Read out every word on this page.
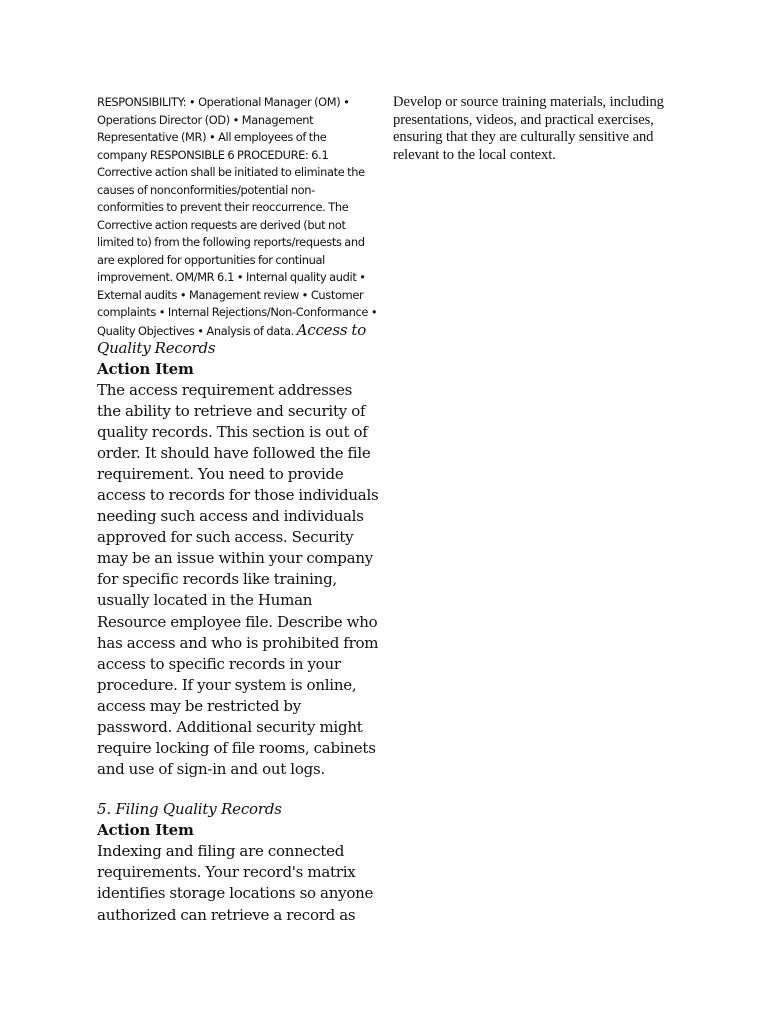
RESPONSIBILITY: • Operational Manager (OM) • Operations Director (OD) • Management Representative (MR) • All employees of the company RESPONSIBLE 6 PROCEDURE: 6.1 Corrective action shall be initiated to eliminate the causes of nonconformities/potential non-conformities to prevent their reoccurrence. The Corrective action requests are derived (but not limited to) from the following reports/requests and are explored for opportunities for continual improvement. OM/MR 6.1 • Internal quality audit • External audits • Management review • Customer complaints • Internal Rejections/Non-Conformance • Quality Objectives • Analysis of data. Access to Quality Records

Action Item

The access requirement addresses the ability to retrieve and security of quality records. This section is out of order. It should have followed the file requirement. You need to provide access to records for those individuals needing such access and individuals approved for such access. Security may be an issue within your company for specific records like training, usually located in the Human Resource employee file. Describe who has access and who is prohibited from access to specific records in your procedure. If your system is online, access may be restricted by password. Additional security might require locking of file rooms, cabinets and use of sign-in and out logs.

5. Filing Quality Records

Action Item

Indexing and filing are connected requirements. Your record's matrix identifies storage locations so anyone authorized can retrieve a record as

Develop or source training materials, including presentations, videos, and practical exercises, ensuring that they are culturally sensitive and relevant to the local context.
